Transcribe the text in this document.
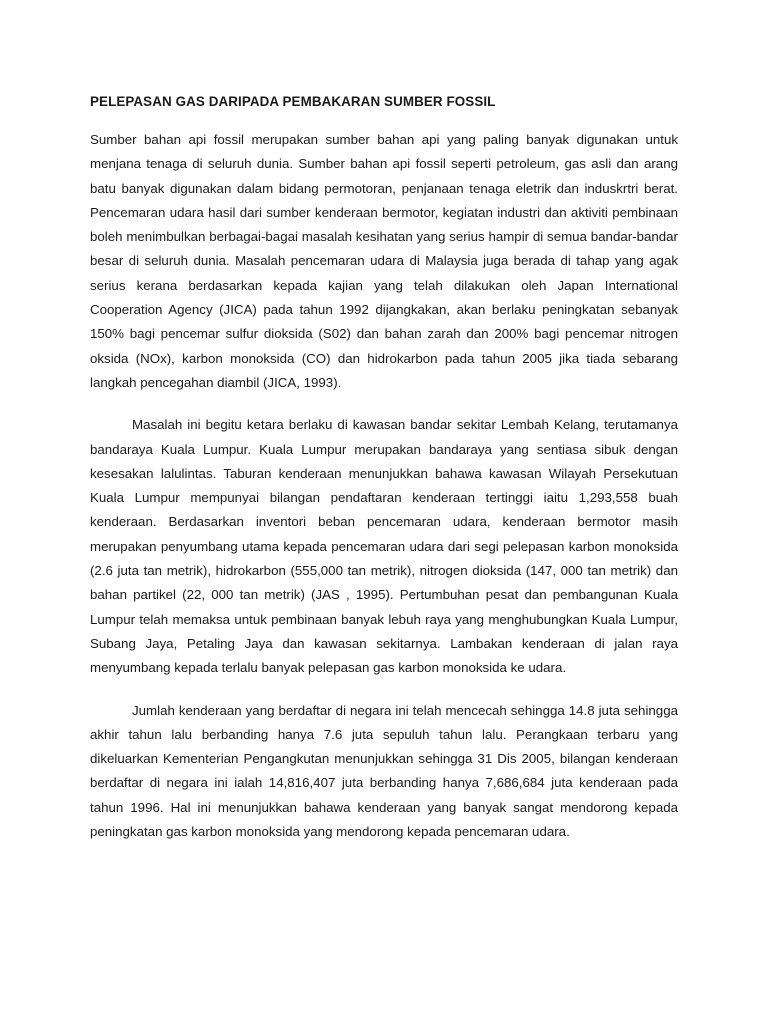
PELEPASAN GAS DARIPADA PEMBAKARAN SUMBER FOSSIL

Sumber bahan api fossil merupakan sumber bahan api yang paling banyak digunakan untuk menjana tenaga di seluruh dunia. Sumber bahan api fossil seperti petroleum, gas asli dan arang batu banyak digunakan dalam bidang permotoran, penjanaan tenaga eletrik dan induskrtri berat. Pencemaran udara hasil dari sumber kenderaan bermotor, kegiatan industri dan aktiviti pembinaan boleh menimbulkan berbagai-bagai masalah kesihatan yang serius hampir di semua bandar-bandar besar di seluruh dunia. Masalah pencemaran udara di Malaysia juga berada di tahap yang agak serius kerana berdasarkan kepada kajian yang telah dilakukan oleh Japan International Cooperation Agency (JICA) pada tahun 1992 dijangkakan, akan berlaku peningkatan sebanyak 150% bagi pencemar sulfur dioksida (S02) dan bahan zarah dan 200% bagi pencemar nitrogen oksida (NOx), karbon monoksida (CO) dan hidrokarbon pada tahun 2005 jika tiada sebarang langkah pencegahan diambil (JICA, 1993).

Masalah ini begitu ketara berlaku di kawasan bandar sekitar Lembah Kelang, terutamanya bandaraya Kuala Lumpur. Kuala Lumpur merupakan bandaraya yang sentiasa sibuk dengan kesesakan lalulintas. Taburan kenderaan menunjukkan bahawa kawasan Wilayah Persekutuan Kuala Lumpur mempunyai bilangan pendaftaran kenderaan tertinggi iaitu 1,293,558 buah kenderaan. Berdasarkan inventori beban pencemaran udara, kenderaan bermotor masih merupakan penyumbang utama kepada pencemaran udara dari segi pelepasan karbon monoksida (2.6 juta tan metrik), hidrokarbon (555,000 tan metrik), nitrogen dioksida (147, 000 tan metrik) dan bahan partikel (22, 000 tan metrik) (JAS , 1995). Pertumbuhan pesat dan pembangunan Kuala Lumpur telah memaksa untuk pembinaan banyak lebuh raya yang menghubungkan Kuala Lumpur, Subang Jaya, Petaling Jaya dan kawasan sekitarnya. Lambakan kenderaan di jalan raya menyumbang kepada terlalu banyak pelepasan gas karbon monoksida ke udara.

Jumlah kenderaan yang berdaftar di negara ini telah mencecah sehingga 14.8 juta sehingga akhir tahun lalu berbanding hanya 7.6 juta sepuluh tahun lalu. Perangkaan terbaru yang dikeluarkan Kementerian Pengangkutan menunjukkan sehingga 31 Dis 2005, bilangan kenderaan berdaftar di negara ini ialah 14,816,407 juta berbanding hanya 7,686,684 juta kenderaan pada tahun 1996. Hal ini menunjukkan bahawa kenderaan yang banyak sangat mendorong kepada peningkatan gas karbon monoksida yang mendorong kepada pencemaran udara.
